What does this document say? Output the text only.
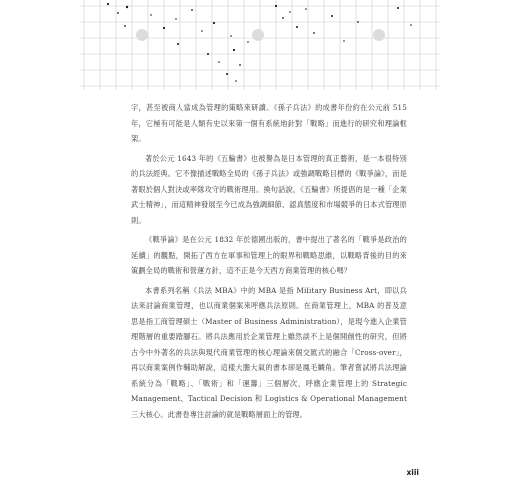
字，甚至被商人當成為管理的策略來研讀。《孫子兵法》的成書年份約在公元前 515 年，它極有可能是人類有史以來第一個有系統地針對「戰略」而進行的研究和理論框架。

著於公元 1643 年的《五輪書》也被譽為是日本管理的真正藝術，是一本很特別的兵法經典。它不像描述戰略全局的《孫子兵法》或強調戰略目標的《戰爭論》，而是著眼於個人對決或率隊攻守的戰術理用。換句話說，《五輪書》所提倡的是一種「企業武士精神」，而這精神發展至今已成為強調細節、認真態度和市場競爭的日本式管理原則。

《戰爭論》是在公元 1832 年於德國出版的，書中提出了著名的「戰爭是政治的延續」的觀點，開拓了西方在軍事和管理上的眼界和戰略思維，以戰略背後的目的來策劃全局的戰術和營運方針，這不正是今天西方商業管理的核心嗎？

本書系列名稱《兵法 MBA》中的 MBA 是指 Military Business Art，即以兵法來討論商業管理，也以商業個案來呼應兵法原則。在商業管理上，MBA 的普及意思是指工商管理碩士（Master of Business Administration），是現今進入企業管理階層的重要踏腳石。將兵法應用於企業管理上雖然談不上是個開創性的研究，但將古今中外著名的兵法與現代商業管理的核心理論來個交匯式的融合「Cross-over」，再以商業案例作輔助解說，這樣大膽大氣的書本卻是鳳毛麟角。筆者嘗試將兵法理論系統分為「戰略」、「戰術」和「運籌」三個層次，呼應企業管理上的 Strategic Management、Tactical Decision 和 Logistics & Operational Management 三大核心。此書卷專注討論的就是戰略層面上的管理。

xiii
